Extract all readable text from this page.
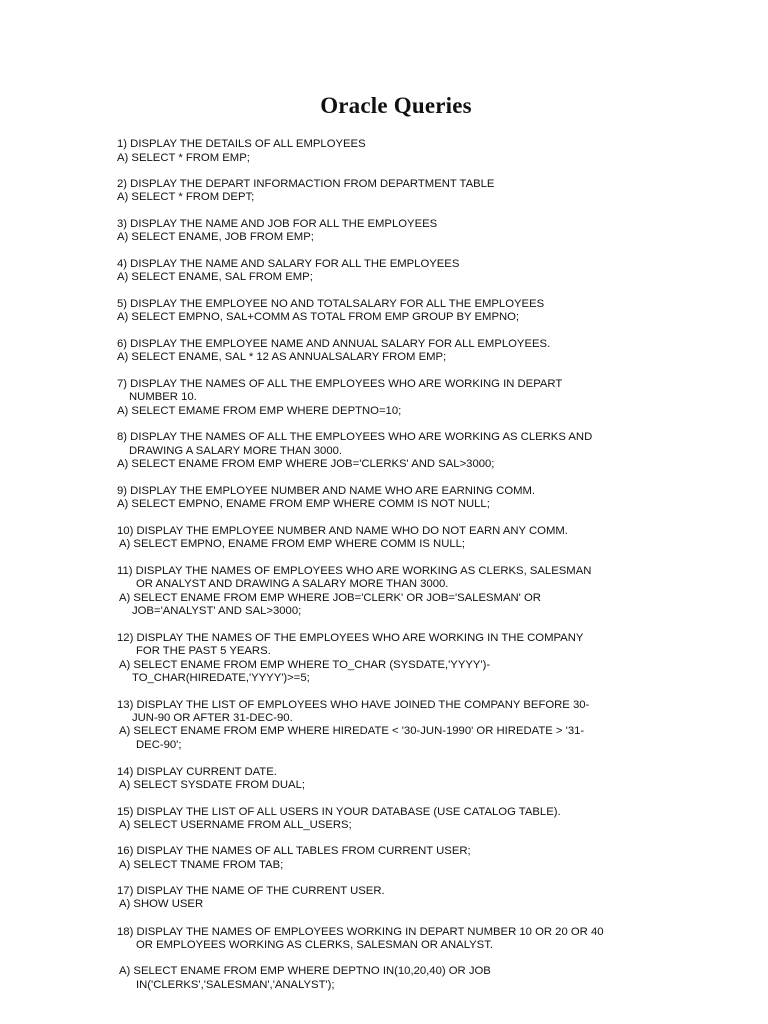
Oracle Queries
1) DISPLAY THE DETAILS OF ALL EMPLOYEES
A) SELECT * FROM EMP;
2) DISPLAY THE DEPART INFORMACTION FROM DEPARTMENT TABLE
A) SELECT * FROM DEPT;
3) DISPLAY THE NAME AND JOB FOR ALL THE EMPLOYEES
A) SELECT ENAME, JOB FROM EMP;
4) DISPLAY THE NAME AND SALARY FOR ALL THE EMPLOYEES
A) SELECT ENAME, SAL FROM EMP;
5) DISPLAY THE EMPLOYEE NO AND TOTALSALARY FOR ALL THE EMPLOYEES
A) SELECT EMPNO, SAL+COMM AS TOTAL FROM EMP GROUP BY EMPNO;
6) DISPLAY THE EMPLOYEE NAME AND ANNUAL SALARY FOR ALL EMPLOYEES.
A) SELECT ENAME, SAL * 12 AS ANNUALSALARY FROM EMP;
7) DISPLAY THE NAMES OF ALL THE EMPLOYEES WHO ARE WORKING IN DEPART
NUMBER 10.
A) SELECT EMAME FROM EMP WHERE DEPTNO=10;
8) DISPLAY THE NAMES OF ALL THE EMPLOYEES WHO ARE WORKING AS CLERKS AND
DRAWING A SALARY MORE THAN 3000.
A) SELECT ENAME FROM EMP WHERE JOB='CLERKS' AND SAL>3000;
9) DISPLAY THE EMPLOYEE NUMBER AND NAME WHO ARE EARNING COMM.
A) SELECT EMPNO, ENAME FROM EMP WHERE COMM IS NOT NULL;
10) DISPLAY THE EMPLOYEE NUMBER AND NAME WHO DO NOT EARN ANY COMM.
A) SELECT EMPNO, ENAME FROM EMP WHERE COMM IS NULL;
11) DISPLAY THE NAMES OF EMPLOYEES WHO ARE WORKING AS CLERKS, SALESMAN
OR ANALYST AND DRAWING A SALARY MORE THAN 3000.
A) SELECT ENAME FROM EMP WHERE JOB='CLERK' OR JOB='SALESMAN' OR
JOB='ANALYST' AND SAL>3000;
12) DISPLAY THE NAMES OF THE EMPLOYEES WHO ARE WORKING IN THE COMPANY
FOR THE PAST 5 YEARS.
A) SELECT ENAME FROM EMP WHERE TO_CHAR (SYSDATE,'YYYY')-
TO_CHAR(HIREDATE,'YYYY')>=5;
13) DISPLAY THE LIST OF EMPLOYEES WHO HAVE JOINED THE COMPANY BEFORE 30-
JUN-90 OR AFTER 31-DEC-90.
A) SELECT ENAME FROM EMP WHERE HIREDATE < '30-JUN-1990' OR HIREDATE > '31-
DEC-90';
14) DISPLAY CURRENT DATE.
A) SELECT SYSDATE FROM DUAL;
15) DISPLAY THE LIST OF ALL USERS IN YOUR DATABASE (USE CATALOG TABLE).
A) SELECT USERNAME FROM ALL_USERS;
16) DISPLAY THE NAMES OF ALL TABLES FROM CURRENT USER;
A) SELECT TNAME FROM TAB;
17) DISPLAY THE NAME OF THE CURRENT USER.
A) SHOW USER
18) DISPLAY THE NAMES OF EMPLOYEES WORKING IN DEPART NUMBER 10 OR 20 OR 40
OR EMPLOYEES WORKING AS CLERKS, SALESMAN OR ANALYST.
A) SELECT ENAME FROM EMP WHERE DEPTNO IN(10,20,40) OR JOB
IN('CLERKS','SALESMAN','ANALYST');
